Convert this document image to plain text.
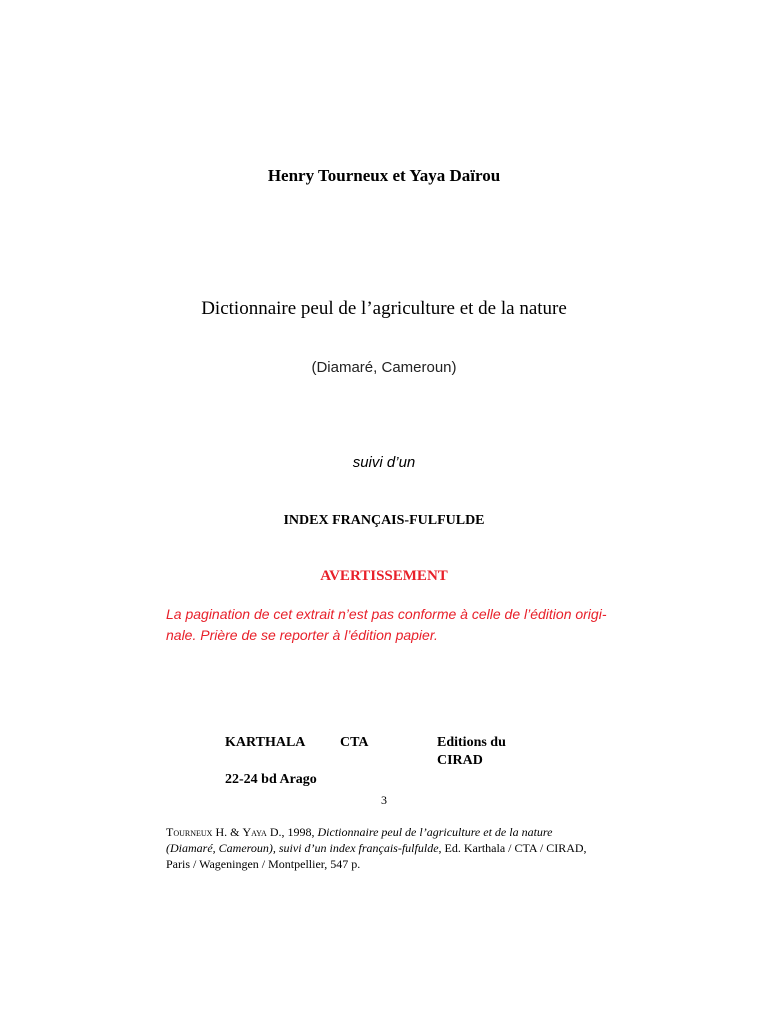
Henry Tourneux et Yaya Daïrou
Dictionnaire peul de l’agriculture et de la nature
(Diamaré, Cameroun)
suivi d’un
INDEX FRANÇAIS-FULFULDE
AVERTISSEMENT
La pagination de cet extrait n’est pas conforme à celle de l’édition origi-
nale. Prière de se reporter à l’édition papier.
KARTHALA CTA	Editions du
CIRAD
22-24 bd Arago
3
Tourneux H. & Yaya D., 1998, Dictionnaire peul de l’agriculture et de la nature
(Diamaré, Cameroun), suivi d’un index français-fulfulde, Ed. Karthala / CTA / CIRAD,
Paris / Wageningen / Montpellier, 547 p.
